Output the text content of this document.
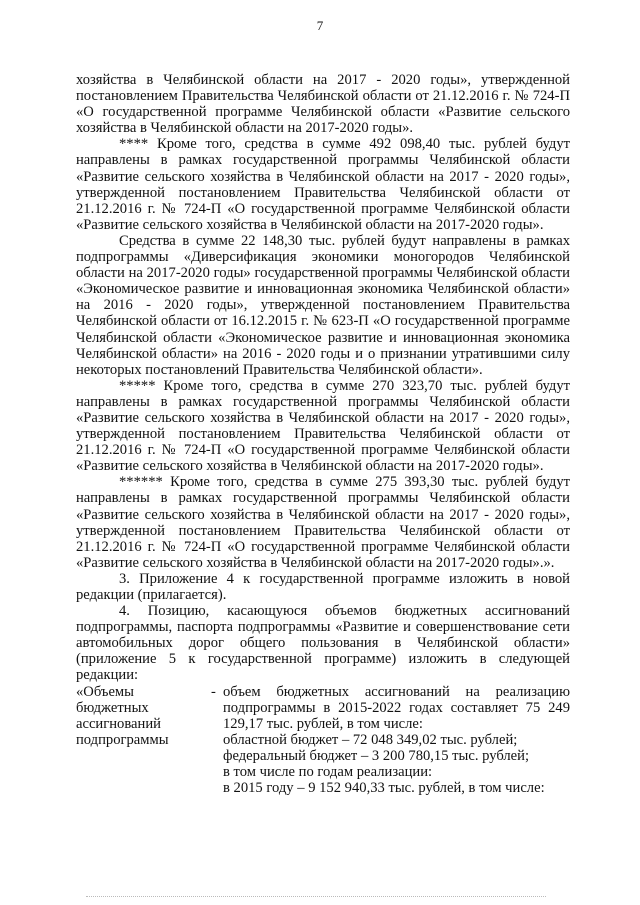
7

хозяйства в Челябинской области на 2017 - 2020 годы», утвержденной постановлением Правительства Челябинской области от 21.12.2016 г. № 724-П «О государственной программе Челябинской области «Развитие сельского хозяйства в Челябинской области на 2017-2020 годы».

**** Кроме того, средства в сумме 492 098,40 тыс. рублей будут направлены в рамках государственной программы Челябинской области «Развитие сельского хозяйства в Челябинской области на 2017 - 2020 годы», утвержденной постановлением Правительства Челябинской области от 21.12.2016 г. № 724-П «О государственной программе Челябинской области «Развитие сельского хозяйства в Челябинской области на 2017-2020 годы».

Средства в сумме 22 148,30 тыс. рублей будут направлены в рамках подпрограммы «Диверсификация экономики моногородов Челябинской области на 2017-2020 годы» государственной программы Челябинской области «Экономическое развитие и инновационная экономика Челябинской области» на 2016 - 2020 годы», утвержденной постановлением Правительства Челябинской области от 16.12.2015 г. № 623-П «О государственной программе Челябинской области «Экономическое развитие и инновационная экономика Челябинской области» на 2016 - 2020 годы и о признании утратившими силу некоторых постановлений Правительства Челябинской области».

***** Кроме того, средства в сумме 270 323,70 тыс. рублей будут направлены в рамках государственной программы Челябинской области «Развитие сельского хозяйства в Челябинской области на 2017 - 2020 годы», утвержденной постановлением Правительства Челябинской области от 21.12.2016 г. № 724-П «О государственной программе Челябинской области «Развитие сельского хозяйства в Челябинской области на 2017-2020 годы».

****** Кроме того, средства в сумме 275 393,30 тыс. рублей будут направлены в рамках государственной программы Челябинской области «Развитие сельского хозяйства в Челябинской области на 2017 - 2020 годы», утвержденной постановлением Правительства Челябинской области от 21.12.2016 г. № 724-П «О государственной программе Челябинской области «Развитие сельского хозяйства в Челябинской области на 2017-2020 годы».».

3. Приложение 4 к государственной программе изложить в новой редакции (прилагается).

4. Позицию, касающуюся объемов бюджетных ассигнований подпрограммы, паспорта подпрограммы «Развитие и совершенствование сети автомобильных дорог общего пользования в Челябинской области» (приложение 5 к государственной программе) изложить в следующей редакции:

«Объемы
бюджетных
ассигнований
подпрограммы
- объем бюджетных ассигнований на реализацию подпрограммы в 2015-2022 годах составляет 75 249 129,17 тыс. рублей, в том числе:

областной бюджет – 72 048 349,02 тыс. рублей;
федеральный бюджет – 3 200 780,15 тыс. рублей;
в том числе по годам реализации:
в 2015 году – 9 152 940,33 тыс. рублей, в том числе:
